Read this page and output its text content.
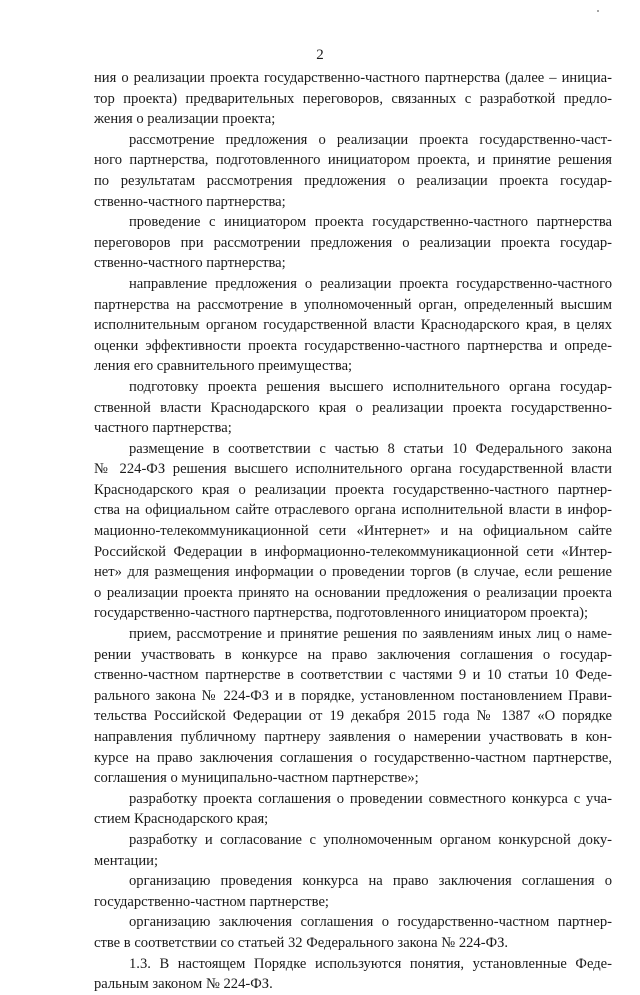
2
ния о реализации проекта государственно-частного партнерства (далее – инициа-
тор проекта) предварительных переговоров, связанных с разработкой предло-
жения о реализации проекта;
рассмотрение предложения о реализации проекта государственно-част-
ного партнерства, подготовленного инициатором проекта, и принятие решения
по результатам рассмотрения предложения о реализации проекта государ-
ственно-частного партнерства;
проведение с инициатором проекта государственно-частного партнерства
переговоров при рассмотрении предложения о реализации проекта государ-
ственно-частного партнерства;
направление предложения о реализации проекта государственно-частного
партнерства на рассмотрение в уполномоченный орган, определенный высшим
исполнительным органом государственной власти Краснодарского края, в целях
оценки эффективности проекта государственно-частного партнерства и опреде-
ления его сравнительного преимущества;
подготовку проекта решения высшего исполнительного органа государ-
ственной власти Краснодарского края о реализации проекта государственно-
частного партнерства;
размещение в соответствии с частью 8 статьи 10 Федерального закона
№ 224-ФЗ решения высшего исполнительного органа государственной власти
Краснодарского края о реализации проекта государственно-частного партнер-
ства на официальном сайте отраслевого органа исполнительной власти в инфор-
мационно-телекоммуникационной сети «Интернет» и на официальном сайте
Российской Федерации в информационно-телекоммуникационной сети «Интер-
нет» для размещения информации о проведении торгов (в случае, если решение
о реализации проекта принято на основании предложения о реализации проекта
государственно-частного партнерства, подготовленного инициатором проекта);
прием, рассмотрение и принятие решения по заявлениям иных лиц о наме-
рении участвовать в конкурсе на право заключения соглашения о государ-
ственно-частном партнерстве в соответствии с частями 9 и 10 статьи 10 Феде-
рального закона № 224-ФЗ и в порядке, установленном постановлением Прави-
тельства Российской Федерации от 19 декабря 2015 года № 1387 «О порядке
направления публичному партнеру заявления о намерении участвовать в кон-
курсе на право заключения соглашения о государственно-частном партнерстве,
соглашения о муниципально-частном партнерстве»;
разработку проекта соглашения о проведении совместного конкурса с уча-
стием Краснодарского края;
разработку и согласование с уполномоченным органом конкурсной доку-
ментации;
организацию проведения конкурса на право заключения соглашения о
государственно-частном партнерстве;
организацию заключения соглашения о государственно-частном партнер-
стве в соответствии со статьей 32 Федерального закона № 224-ФЗ.
1.3. В настоящем Порядке используются понятия, установленные Феде-
ральным законом № 224-ФЗ.
